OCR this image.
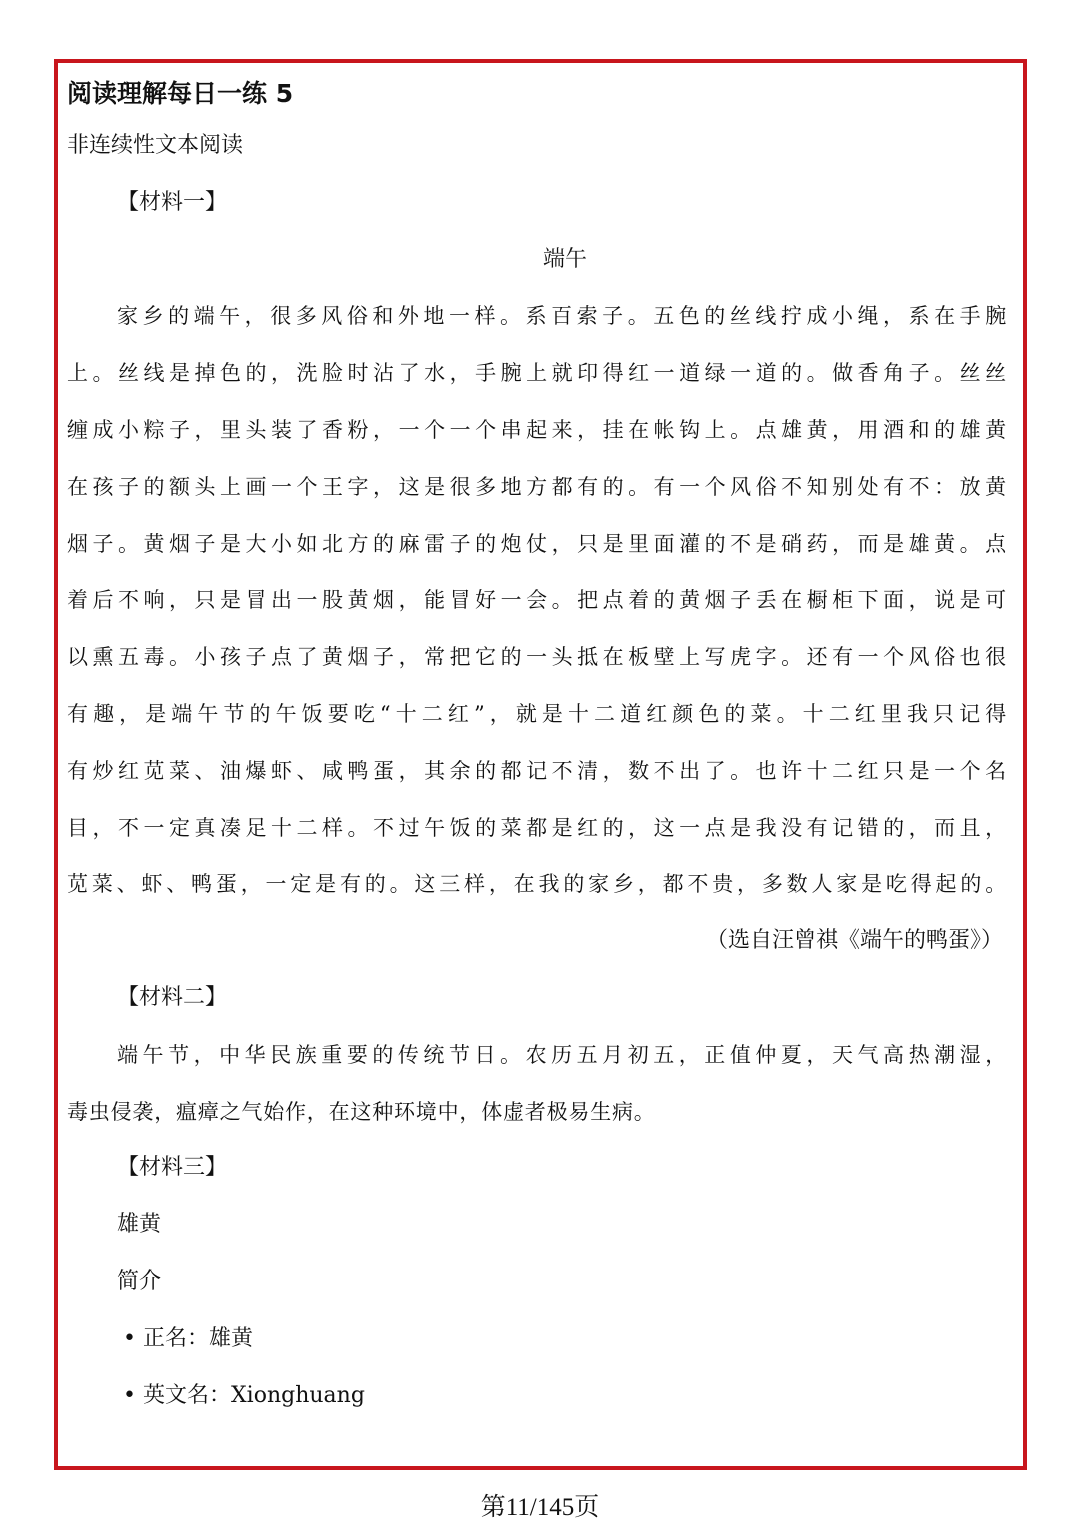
阅读理解每日一练 5
非连续性文本阅读
【材料一】
端午
家乡的端午，很多风俗和外地一样。系百索子。五色的丝线拧成小绳，系在手腕
上。丝线是掉色的，洗脸时沾了水，手腕上就印得红一道绿一道的。做香角子。丝丝
缠成小粽子，里头装了香粉，一个一个串起来，挂在帐钩上。点雄黄，用酒和的雄黄
在孩子的额头上画一个王字，这是很多地方都有的。有一个风俗不知别处有不：放黄
烟子。黄烟子是大小如北方的麻雷子的炮仗，只是里面灌的不是硝药，而是雄黄。点
着后不响，只是冒出一股黄烟，能冒好一会。把点着的黄烟子丢在橱柜下面，说是可
以熏五毒。小孩子点了黄烟子，常把它的一头抵在板壁上写虎字。还有一个风俗也很
有趣，是端午节的午饭要吃“十二红”，就是十二道红颜色的菜。十二红里我只记得
有炒红苋菜、油爆虾、咸鸭蛋，其余的都记不清，数不出了。也许十二红只是一个名
目，不一定真凑足十二样。不过午饭的菜都是红的，这一点是我没有记错的，而且，
苋菜、虾、鸭蛋，一定是有的。这三样，在我的家乡，都不贵，多数人家是吃得起的。
（选自汪曾祺《端午的鸭蛋》）
【材料二】
端午节，中华民族重要的传统节日。农历五月初五，正值仲夏，天气高热潮湿，
毒虫侵袭，瘟瘴之气始作，在这种环境中，体虚者极易生病。
【材料三】
雄黄
简介
• 正名：雄黄
• 英文名：Xionghuang
第11/145页
